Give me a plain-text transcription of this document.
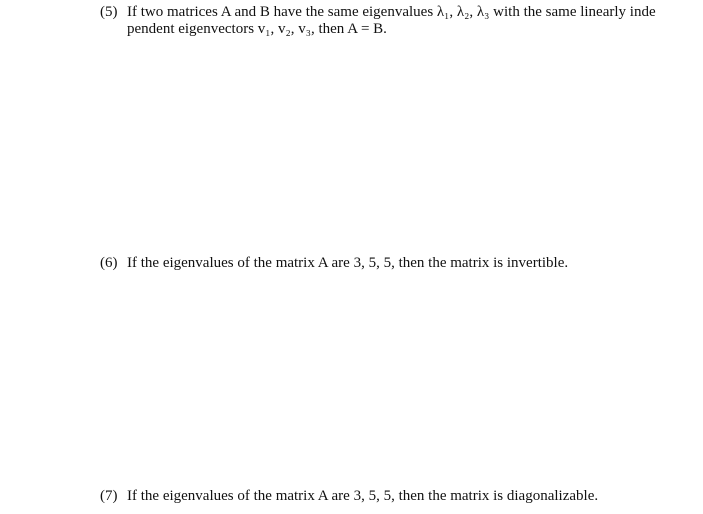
(5) If two matrices A and B have the same eigenvalues λ₁, λ₂, λ₃ with the same linearly inde
pendent eigenvectors v₁, v₂, v₃, then A = B.
(6) If the eigenvalues of the matrix A are 3, 5, 5, then the matrix is invertible.
(7) If the eigenvalues of the matrix A are 3, 5, 5, then the matrix is diagonalizable.
